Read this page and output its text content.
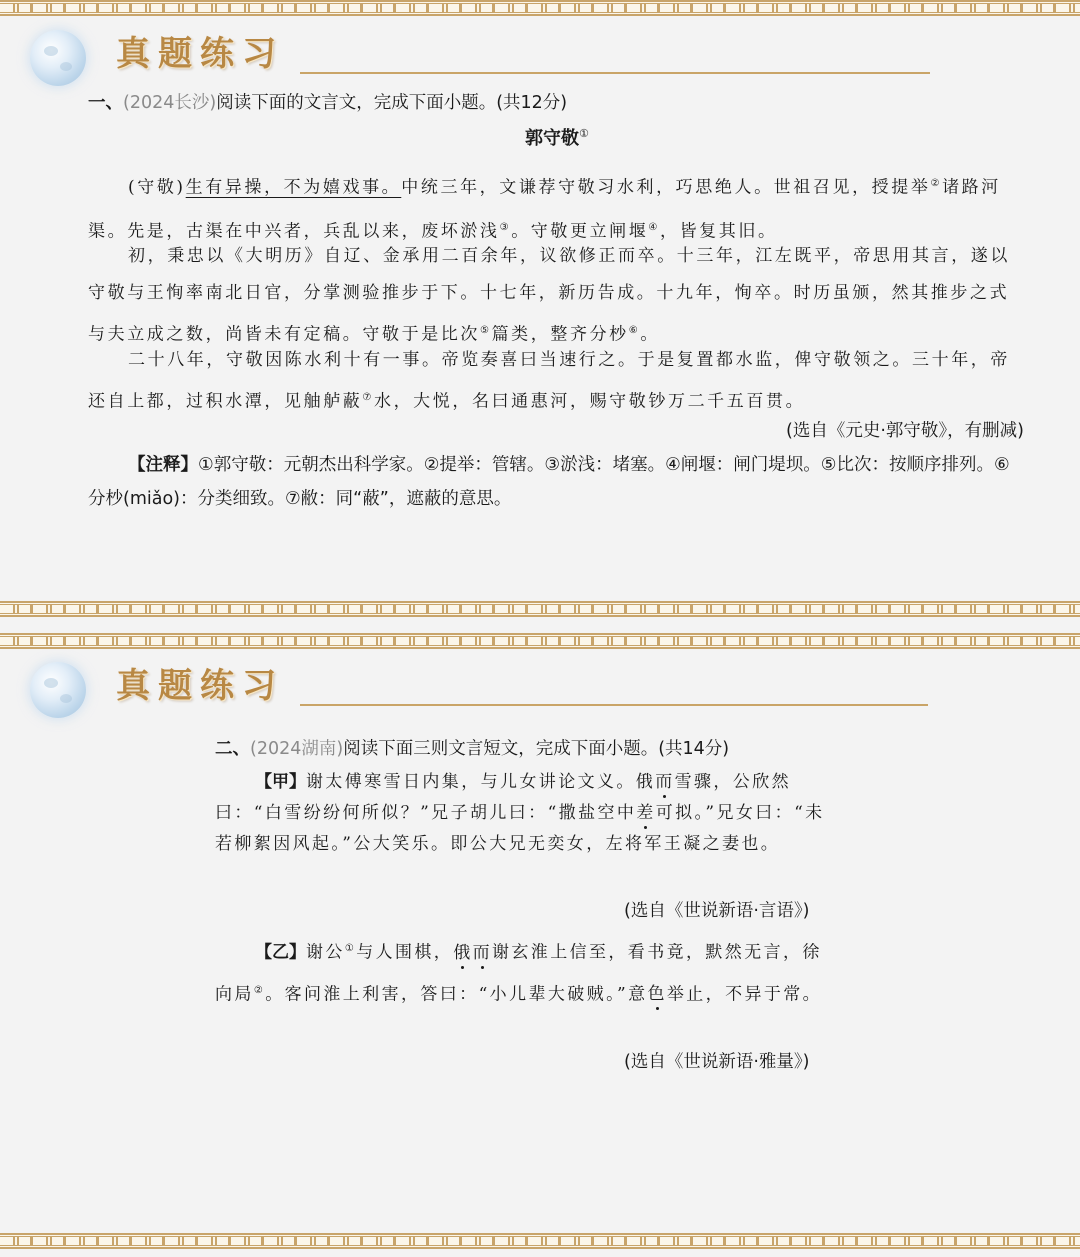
真题练习
一、(2024长沙)阅读下面的文言文，完成下面小题。(共12分)
郭守敬①

(守敬)生有异操，不为嬉戏事。中统三年，文谦荐守敬习水利，巧思绝人。世祖召见，授提举②诸路河渠。先是，古渠在中兴者，兵乱以来，废坏淤浅③。守敬更立闸堰④，皆复其旧。

初，秉忠以《大明历》自辽、金承用二百余年，议欲修正而卒。十三年，江左既平，帝思用其言，遂以守敬与王恂率南北日官，分掌测验推步于下。十七年，新历告成。十九年，恂卒。时历虽颁，然其推步之式与夫立成之数，尚皆未有定稿。守敬于是比次⑤篇类，整齐分杪⑥。

二十八年，守敬因陈水利十有一事。帝览奏喜曰当速行之。于是复置都水监，俾守敬领之。三十年，帝还自上都，过积水潭，见舳舻蔽⑦水，大悦，名曰通惠河，赐守敬钞万二千五百贯。

(选自《元史·郭守敬》，有删减)

【注释】①郭守敬：元朝杰出科学家。②提举：管辖。③淤浅：堵塞。④闸堰：闸门堤坝。⑤比次：按顺序排列。⑥分杪(miǎo)：分类细致。⑦敝：同“蔽”，遮蔽的意思。

真题练习
二、(2024湖南)阅读下面三则文言短文，完成下面小题。(共14分)

【甲】谢太傅寒雪日内集，与儿女讲论文义。俄而雪骤，公欣然曰：“白雪纷纷何所似？”兄子胡儿曰：“撒盐空中差可拟。”兄女曰：“未若柳絮因风起。”公大笑乐。即公大兄无奕女，左将军王凝之妻也。

(选自《世说新语·言语》)

【乙】谢公①与人围棋，俄而谢玄淮上信至，看书竟，默然无言，徐向局②。客问淮上利害，答曰：“小儿辈大破贼。”意色举止，不异于常。

(选自《世说新语·雅量》)
